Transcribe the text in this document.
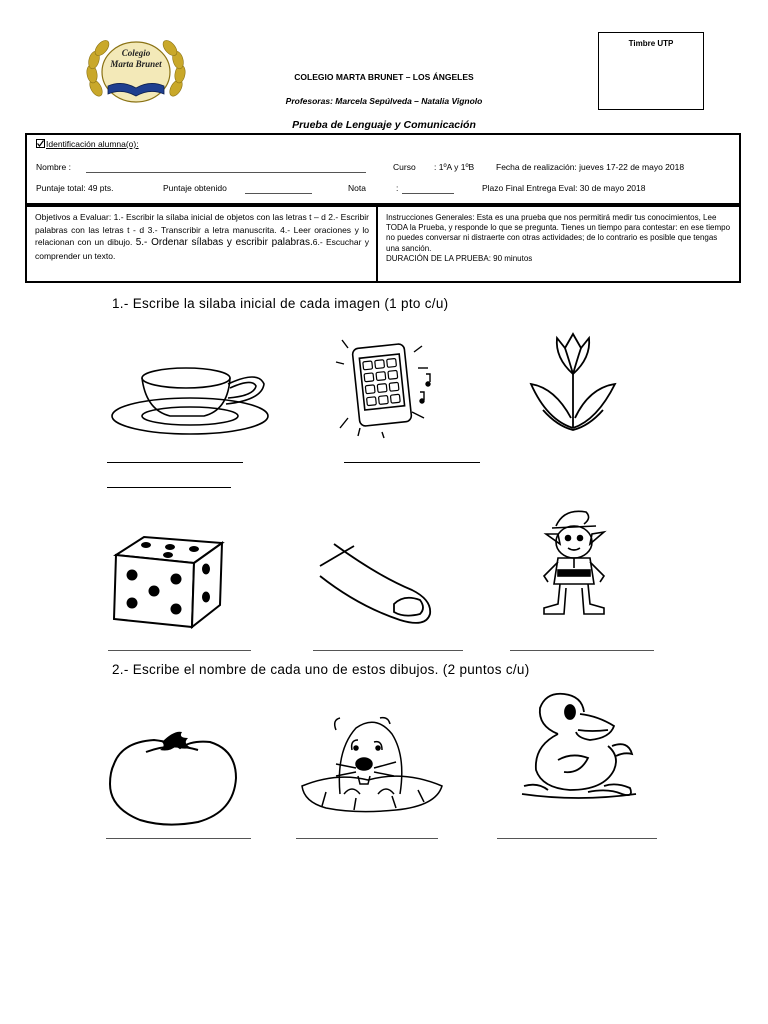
Colegio
Marta Brunet
COLEGIO MARTA BRUNET – LOS ÁNGELES
Profesoras: Marcela Sepúlveda – Natalia Vignolo
Prueba de Lenguaje y Comunicación
Timbre UTP
Identificación alumna(o):
Nombre :	Curso : 1ºA y 1ºB	Fecha de realización: jueves 17-22 de mayo 2018
Puntaje total: 49 pts.	Puntaje obtenido	Nota	:	Plazo Final Entrega Eval: 30 de mayo 2018
Objetivos a Evaluar: 1.- Escribir la sílaba inicial de objetos con las letras t – d 2.- Escribir palabras con las letras t - d 3.- Transcribir a letra manuscrita. 4.- Leer oraciones y lo relacionan con un dibujo. 5.- Ordenar sílabas y escribir palabras.6.- Escuchar y comprender un texto.
Instrucciones Generales: Esta es una prueba que nos permitirá medir tus conocimientos, Lee TODA la Prueba, y responde lo que se pregunta. Tienes un tiempo para contestar: en ese tiempo no puedes conversar ni distraerte con otras actividades; de lo contrario es posible que tengas una sanción.
DURACIÓN DE LA PRUEBA: 90 minutos
1.- Escribe la silaba inicial de cada imagen (1 pto c/u)
2.- Escribe el nombre de cada uno de estos dibujos. (2 puntos c/u)
